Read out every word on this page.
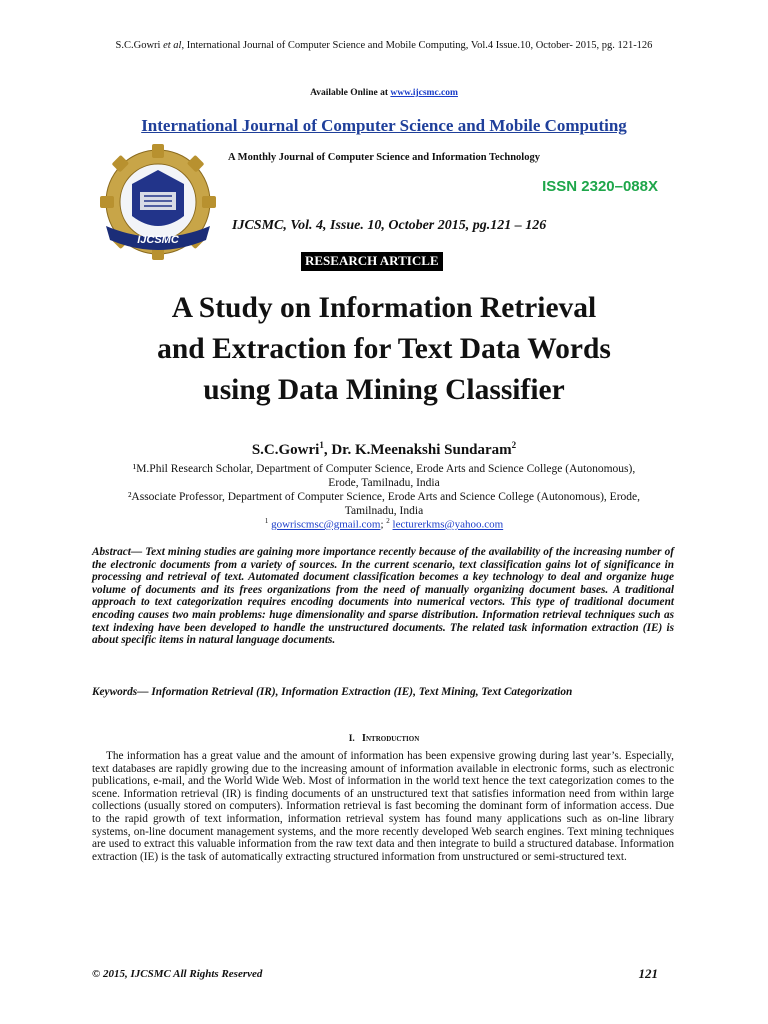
S.C.Gowri et al, International Journal of Computer Science and Mobile Computing, Vol.4 Issue.10, October- 2015, pg. 121-126
Available Online at www.ijcsmc.com
International Journal of Computer Science and Mobile Computing
A Monthly Journal of Computer Science and Information Technology
IJCSMC
ISSN 2320–088X
IJCSMC, Vol. 4, Issue. 10, October 2015, pg.121 – 126
RESEARCH ARTICLE
A Study on Information Retrieval
and Extraction for Text Data Words
using Data Mining Classifier
S.C.Gowri$^1$, Dr. K.Meenakshi Sundaram$^2$
¹M.Phil Research Scholar, Department of Computer Science, Erode Arts and Science College (Autonomous), Erode, Tamilnadu, India
²Associate Professor, Department of Computer Science, Erode Arts and Science College (Autonomous), Erode, Tamilnadu, India
$^1$ gowriscmsc@gmail.com; $^2$ lecturerkms@yahoo.com
Abstract— Text mining studies are gaining more importance recently because of the availability of the increasing number of the electronic documents from a variety of sources. In the current scenario, text classification gains lot of significance in processing and retrieval of text. Automated document classification becomes a key technology to deal and organize huge volume of documents and its frees organizations from the need of manually organizing document bases. A traditional approach to text categorization requires encoding documents into numerical vectors. This type of traditional document encoding causes two main problems: huge dimensionality and sparse distribution. Information retrieval techniques such as text indexing have been developed to handle the unstructured documents. The related task information extraction (IE) is about specific items in natural language documents.
Keywords— Information Retrieval (IR), Information Extraction (IE), Text Mining, Text Categorization
I. Introduction
The information has a great value and the amount of information has been expensive growing during last year’s. Especially, text databases are rapidly growing due to the increasing amount of information available in electronic forms, such as electronic publications, e-mail, and the World Wide Web. Most of information in the world text hence the text categorization comes to the scene. Information retrieval (IR) is finding documents of an unstructured text that satisfies information need from within large collections (usually stored on computers). Information retrieval is fast becoming the dominant form of information access. Due to the rapid growth of text information, information retrieval system has found many applications such as on-line library systems, on-line document management systems, and the more recently developed Web search engines. Text mining techniques are used to extract this valuable information from the raw text data and then integrate to build a structured database. Information extraction (IE) is the task of automatically extracting structured information from unstructured or semi-structured text.
© 2015, IJCSMC All Rights Reserved	121
